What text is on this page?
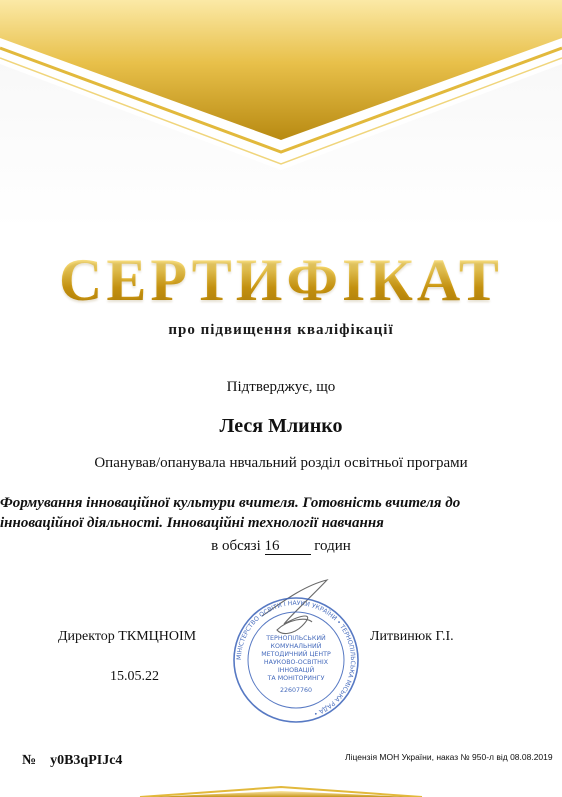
СЕРТИФІКАТ
про підвищення кваліфікації
Підтверджує, що
Леся Млинко
Опанував/опанувала нвчальний розділ освітньої програми
Формування інноваційної культури вчителя. Готовність вчителя до
інноваційної діяльності. Інноваційні технології навчання
в обсязі 16 годин
Директор ТКМЦНОІМ
15.05.22
Литвинюк Г.І.
МІНІСТЕРСТВО ОСВІТИ І НАУКИ УКРАЇНИ • ТЕРНОПІЛЬСЬКА МІСЬКА РАДА •
ТЕРНОПІЛЬСЬКИЙ
КОМУНАЛЬНИЙ
МЕТОДИЧНИЙ ЦЕНТР
НАУКОВО-ОСВІТНІХ
ІННОВАЦІЙ
ТА МОНІТОРИНГУ
22607760
№ y0B3qPIJc4	Ліцензія МОН України, наказ № 950-л від 08.08.2019
